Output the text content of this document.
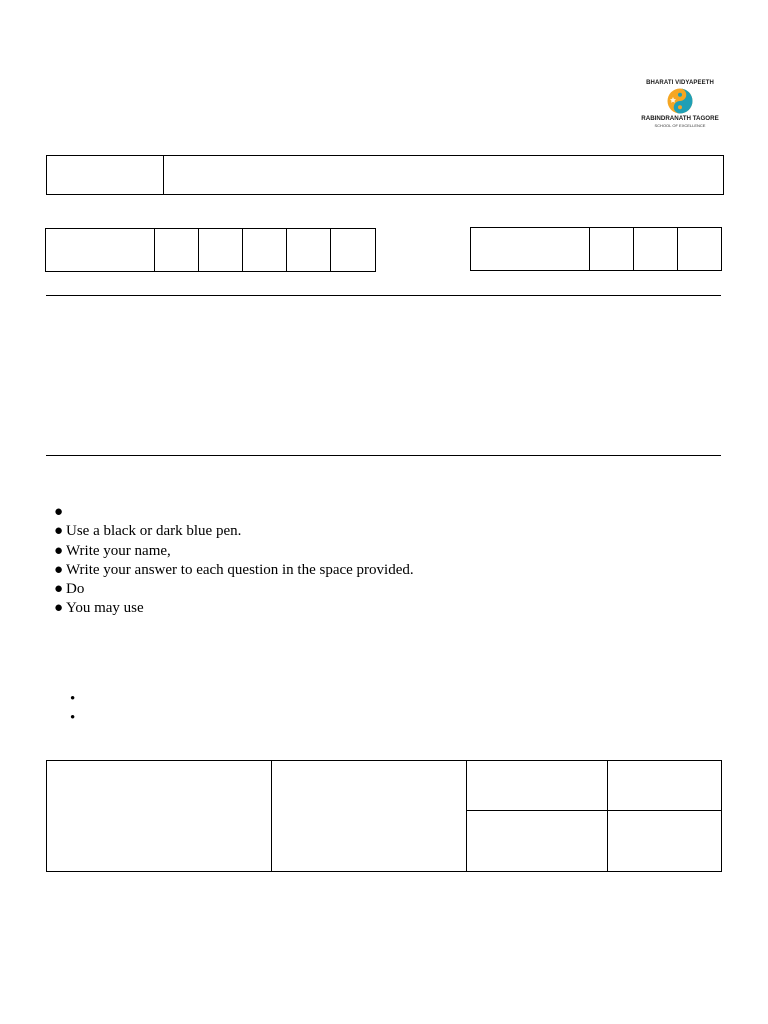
BHARATI VIDYAPEETH
RABINDRANATH TAGORE
SCHOOL OF EXCELLENCE
●
● Use a black or dark blue pen.
● Write your name,
● Write your answer to each question in the space provided.
● Do
● You may use
•
•
